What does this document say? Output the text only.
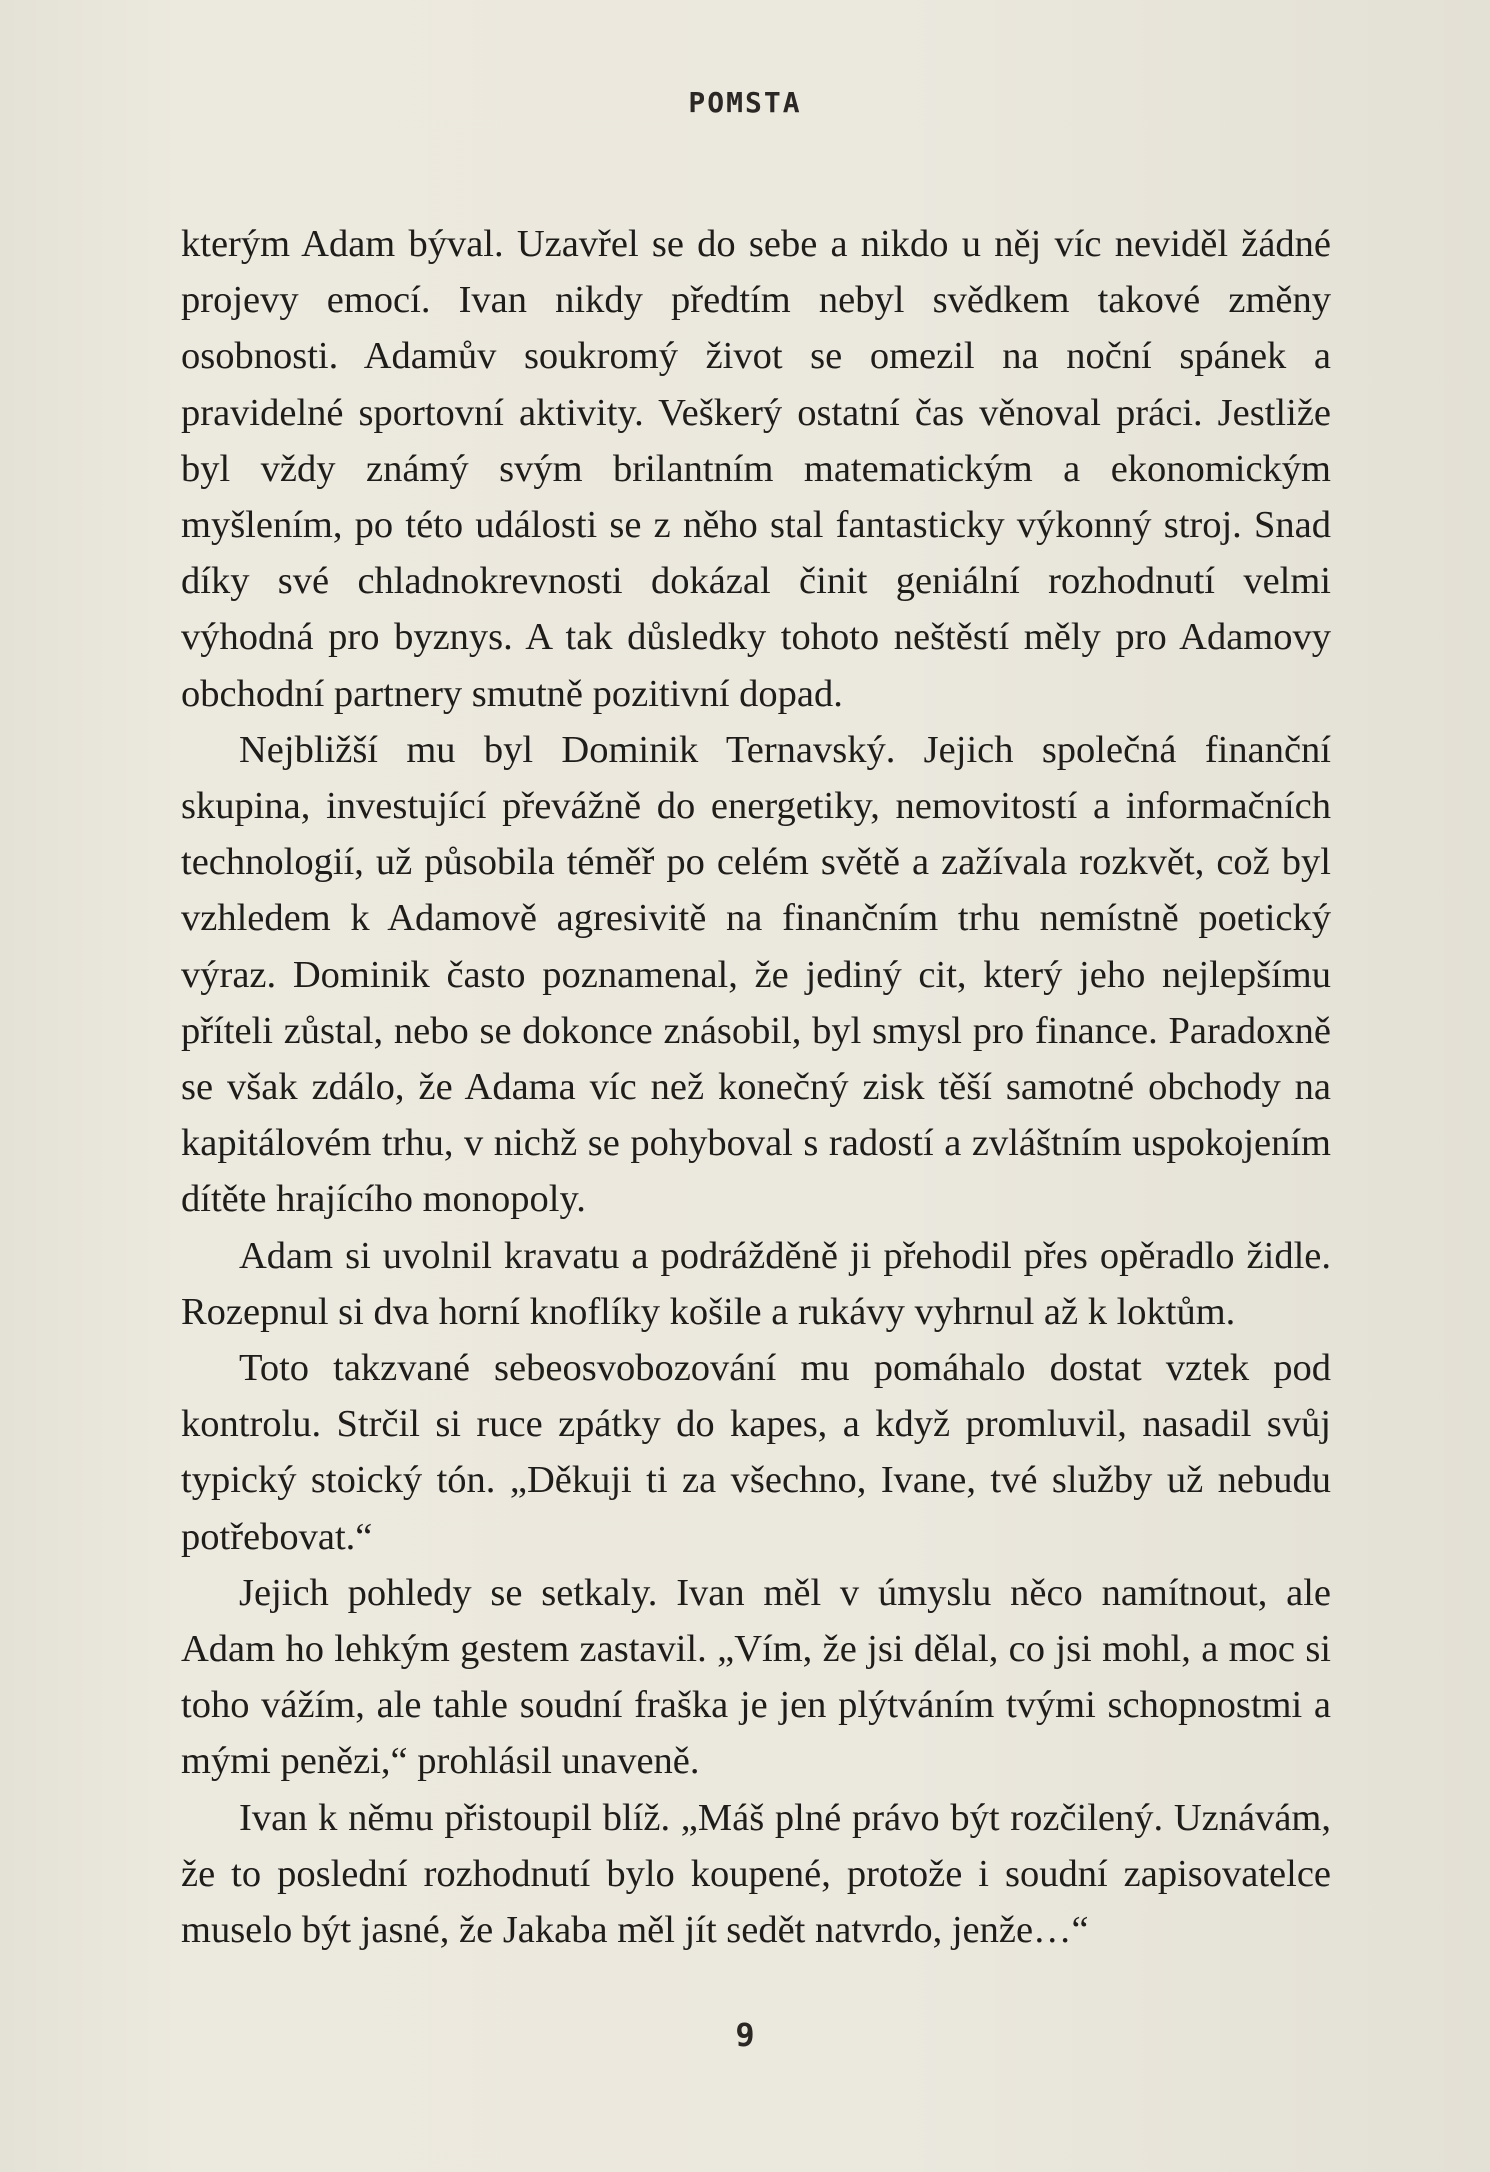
POMSTA

kterým Adam býval. Uzavřel se do sebe a nikdo u něj víc neviděl žádné projevy emocí. Ivan nikdy předtím nebyl svědkem takové změny osobnosti. Adamův soukromý život se omezil na noční spánek a pravidelné sportovní aktivity. Veškerý ostatní čas věnoval práci. Jestliže byl vždy známý svým brilantním matematickým a ekonomickým myšlením, po této události se z něho stal fantasticky výkonný stroj. Snad díky své chladnokrevnosti dokázal činit geniální rozhodnutí velmi výhodná pro byznys. A tak důsledky tohoto neštěstí měly pro Adamovy obchodní partnery smutně pozitivní dopad.

Nejbližší mu byl Dominik Ternavský. Jejich společná finanční skupina, investující převážně do energetiky, nemovitostí a informačních technologií, už působila téměř po celém světě a zažívala rozkvět, což byl vzhledem k Adamově agresivitě na finančním trhu nemístně poetický výraz. Dominik často poznamenal, že jediný cit, který jeho nejlepšímu příteli zůstal, nebo se dokonce znásobil, byl smysl pro finance. Paradoxně se však zdálo, že Adama víc než konečný zisk těší samotné obchody na kapitálovém trhu, v nichž se pohyboval s radostí a zvláštním uspokojením dítěte hrajícího monopoly.

Adam si uvolnil kravatu a podrážděně ji přehodil přes opěradlo židle. Rozepnul si dva horní knoflíky košile a rukávy vyhrnul až k loktům.

Toto takzvané sebeosvobozování mu pomáhalo dostat vztek pod kontrolu. Strčil si ruce zpátky do kapes, a když promluvil, nasadil svůj typický stoický tón. „Děkuji ti za všechno, Ivane, tvé služby už nebudu potřebovat.“

Jejich pohledy se setkaly. Ivan měl v úmyslu něco namítnout, ale Adam ho lehkým gestem zastavil. „Vím, že jsi dělal, co jsi mohl, a moc si toho vážím, ale tahle soudní fraška je jen plýtváním tvými schopnostmi a mými penězi,“ prohlásil unaveně.

Ivan k němu přistoupil blíž. „Máš plné právo být rozčilený. Uznávám, že to poslední rozhodnutí bylo koupené, protože i soudní zapisovatelce muselo být jasné, že Jakaba měl jít sedět natvrdo, jenže…“

9
